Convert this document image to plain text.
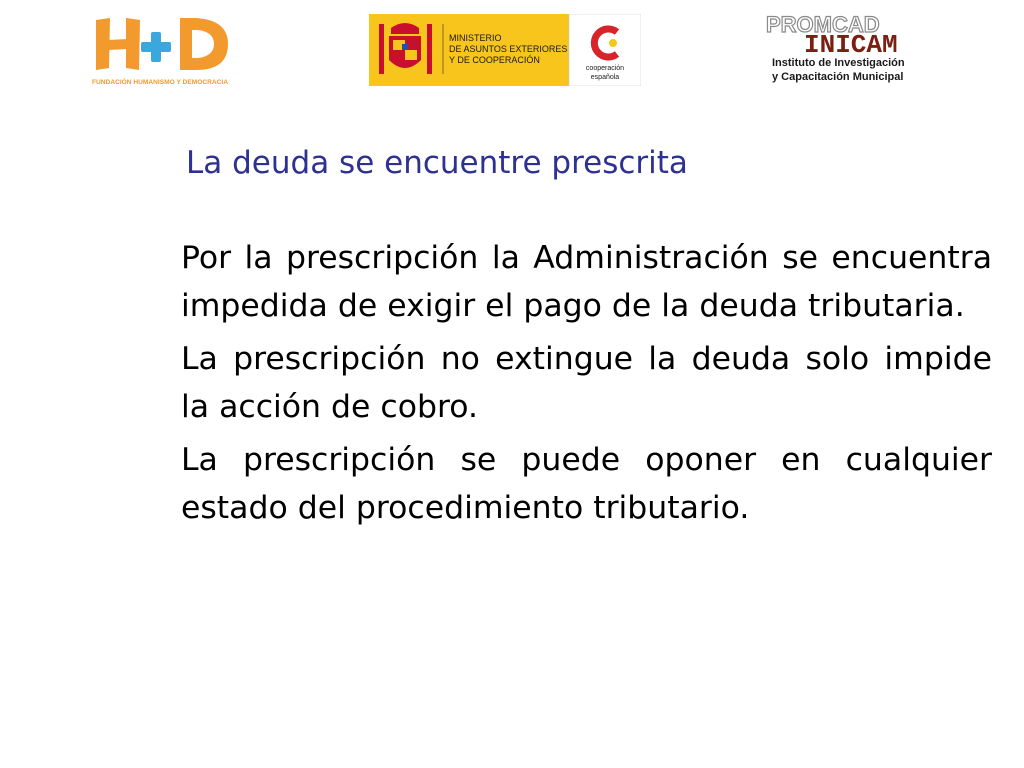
FUNDACIÓN HUMANISMO Y DEMOCRACIA
MINISTERIO
DE ASUNTOS EXTERIORES
Y DE COOPERACIÓN
cooperación
española
PROMCAD
INICAM
Instituto de Investigación
y Capacitación Municipal
La deuda se encuentre prescrita

Por la prescripción la Administración se encuentra impedida de exigir el pago de la deuda tributaria.

La prescripción no extingue la deuda solo impide la acción de cobro.

La prescripción se puede oponer en cualquier estado del procedimiento tributario.
